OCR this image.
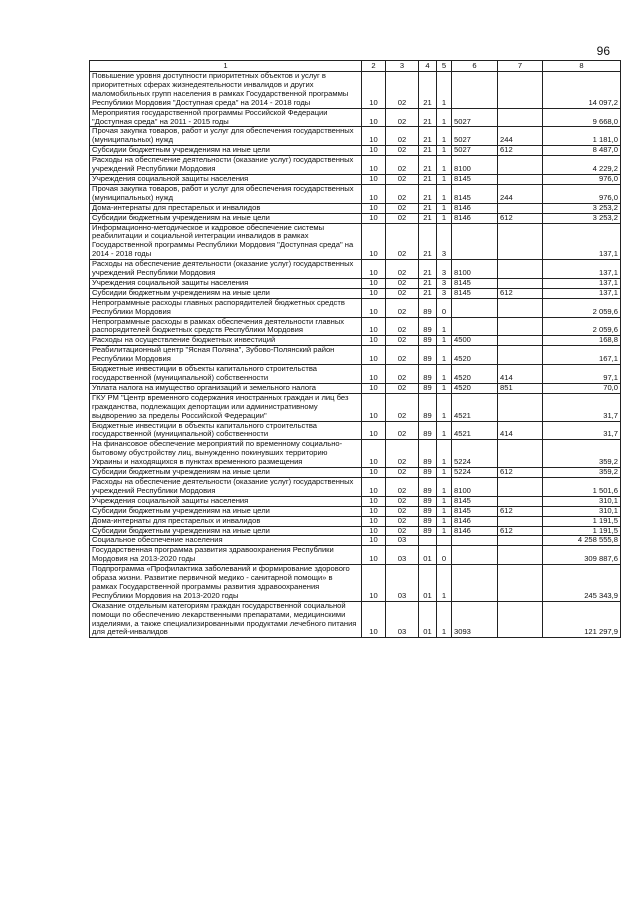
96
1	2	3	4	5	6	7	8
Повышение уровня доступности приоритетных объектов и услуг в приоритетных сферах жизнедеятельности инвалидов и других маломобильных групп населения в рамках Государственной программы Республики Мордовия "Доступная среда" на 2014 - 2018 годы	10	02	21	1			14 097,2
Мероприятия государственной программы Российской Федерации "Доступная среда" на 2011 - 2015 годы	10	02	21	1	5027		9 668,0
Прочая закупка товаров, работ и услуг для обеспечения государственных (муниципальных) нужд	10	02	21	1	5027	244	1 181,0
Субсидии бюджетным учреждениям на иные цели	10	02	21	1	5027	612	8 487,0
Расходы на обеспечение деятельности (оказание услуг) государственных учреждений Республики Мордовия	10	02	21	1	8100		4 229,2
Учреждения социальной защиты населения	10	02	21	1	8145		976,0
Прочая закупка товаров, работ и услуг для обеспечения государственных (муниципальных) нужд	10	02	21	1	8145	244	976,0
Дома-интернаты для престарелых и инвалидов	10	02	21	1	8146		3 253,2
Субсидии бюджетным учреждениям на иные цели	10	02	21	1	8146	612	3 253,2
Информационно-методическое и кадровое обеспечение системы реабилитации и социальной интеграции инвалидов в рамках Государственной программы Республики Мордовия "Доступная среда" на 2014 - 2018 годы	10	02	21	3			137,1
Расходы на обеспечение деятельности (оказание услуг) государственных учреждений Республики Мордовия	10	02	21	3	8100		137,1
Учреждения социальной защиты населения	10	02	21	3	8145		137,1
Субсидии бюджетным учреждениям на иные цели	10	02	21	3	8145	612	137,1
Непрограммные расходы главных распорядителей бюджетных средств Республики Мордовия	10	02	89	0			2 059,6
Непрограммные расходы в рамках обеспечения деятельности главных распорядителей бюджетных средств Республики Мордовия	10	02	89	1			2 059,6
Расходы на осуществление бюджетных инвестиций	10	02	89	1	4500		168,8
Реабилитационный центр "Ясная Поляна", Зубово-Полянский район Республики Мордовия	10	02	89	1	4520		167,1
Бюджетные инвестиции в объекты капитального строительства государственной (муниципальной) собственности	10	02	89	1	4520	414	97,1
Уплата налога на имущество организаций и земельного налога	10	02	89	1	4520	851	70,0
ГКУ РМ "Центр временного содержания иностранных граждан и лиц без гражданства, подлежащих депортации или административному выдворению за пределы Российской Федерации"	10	02	89	1	4521		31,7
Бюджетные инвестиции в объекты капитального строительства государственной (муниципальной) собственности	10	02	89	1	4521	414	31,7
На финансовое обеспечение мероприятий по временному социально-бытовому обустройству лиц, вынужденно покинувших территорию Украины и находящихся в пунктах временного размещения	10	02	89	1	5224		359,2
Субсидии бюджетным учреждениям на иные цели	10	02	89	1	5224	612	359,2
Расходы на обеспечение деятельности (оказание услуг) государственных учреждений Республики Мордовия	10	02	89	1	8100		1 501,6
Учреждения социальной защиты населения	10	02	89	1	8145		310,1
Субсидии бюджетным учреждениям на иные цели	10	02	89	1	8145	612	310,1
Дома-интернаты для престарелых и инвалидов	10	02	89	1	8146		1 191,5
Субсидии бюджетным учреждениям на иные цели	10	02	89	1	8146	612	1 191,5
Социальное обеспечение населения	10	03					4 258 555,8
Государственная программа развития здравоохранения Республики Мордовия на 2013-2020 годы	10	03	01	0			309 887,6
Подпрограмма «Профилактика заболеваний и формирование здорового образа жизни. Развитие первичной медико - санитарной помощи» в рамках Государственной программы развития здравоохранения Республики Мордовия на 2013-2020 годы	10	03	01	1			245 343,9
Оказание отдельным категориям граждан государственной социальной помощи по обеспечению лекарственными препаратами, медицинскими изделиями, а также специализированными продуктами лечебного питания для детей-инвалидов	10	03	01	1	3093		121 297,9
